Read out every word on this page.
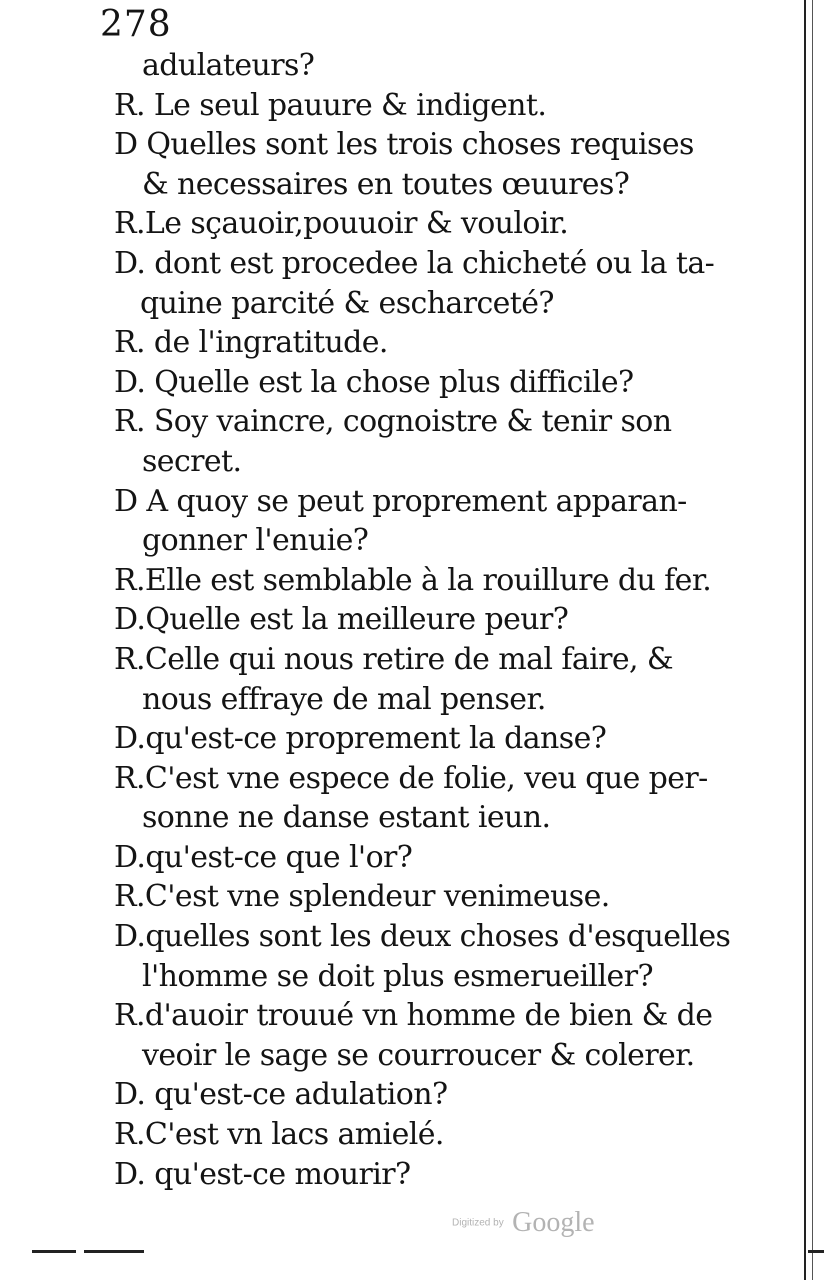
278
adulateurs?
R. Le seul pauure & indigent.
D Quelles sont les trois choses requises
& necessaires en toutes œuures?
R.Le sçauoir,pouuoir & vouloir.
D. dont est procedee la chicheté ou la ta-
quine parcité & escharceté?
R. de l'ingratitude.
D. Quelle est la chose plus difficile?
R. Soy vaincre, cognoistre & tenir son
secret.
D A quoy se peut proprement apparan-
gonner l'enuie?
R.Elle est semblable à la rouillure du fer.
D.Quelle est la meilleure peur?
R.Celle qui nous retire de mal faire, &
nous effraye de mal penser.
D.qu'est-ce proprement la danse?
R.C'est vne espece de folie, veu que per-
sonne ne danse estant ieun.
D.qu'est-ce que l'or?
R.C'est vne splendeur venimeuse.
D.quelles sont les deux choses d'esquelles
l'homme se doit plus esmerueiller?
R.d'auoir trouué vn homme de bien & de
veoir le sage se courroucer & colerer.
D. qu'est-ce adulation?
R.C'est vn lacs amielé.
D. qu'est-ce mourir?
Digitized by Google
